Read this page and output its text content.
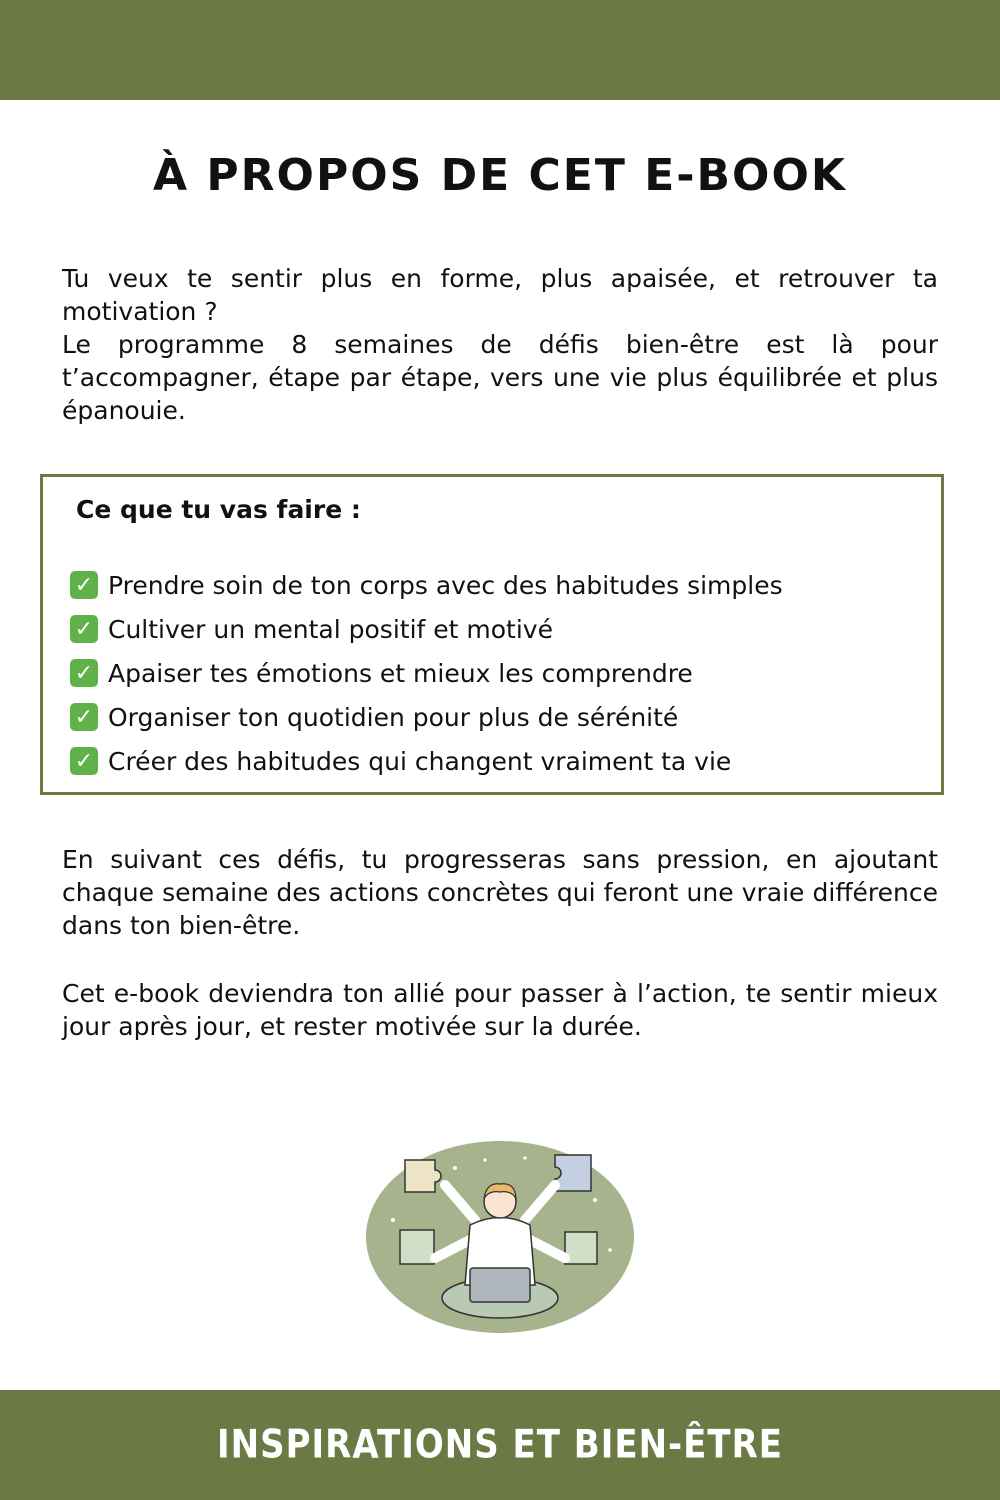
À PROPOS DE CET E-BOOK
Tu veux te sentir plus en forme, plus apaisée, et retrouver ta motivation ?
Le programme 8 semaines de défis bien-être est là pour t’accompagner, étape par étape, vers une vie plus équilibrée et plus épanouie.

Ce que tu vas faire :

✓ Prendre soin de ton corps avec des habitudes simples
✓ Cultiver un mental positif et motivé
✓ Apaiser tes émotions et mieux les comprendre
✓ Organiser ton quotidien pour plus de sérénité
✓ Créer des habitudes qui changent vraiment ta vie
En suivant ces défis, tu progresseras sans pression, en ajoutant chaque semaine des actions concrètes qui feront une vraie différence dans ton bien-être.
Cet e-book deviendra ton allié pour passer à l’action, te sentir mieux jour après jour, et rester motivée sur la durée.
INSPIRATIONS ET BIEN-ÊTRE
